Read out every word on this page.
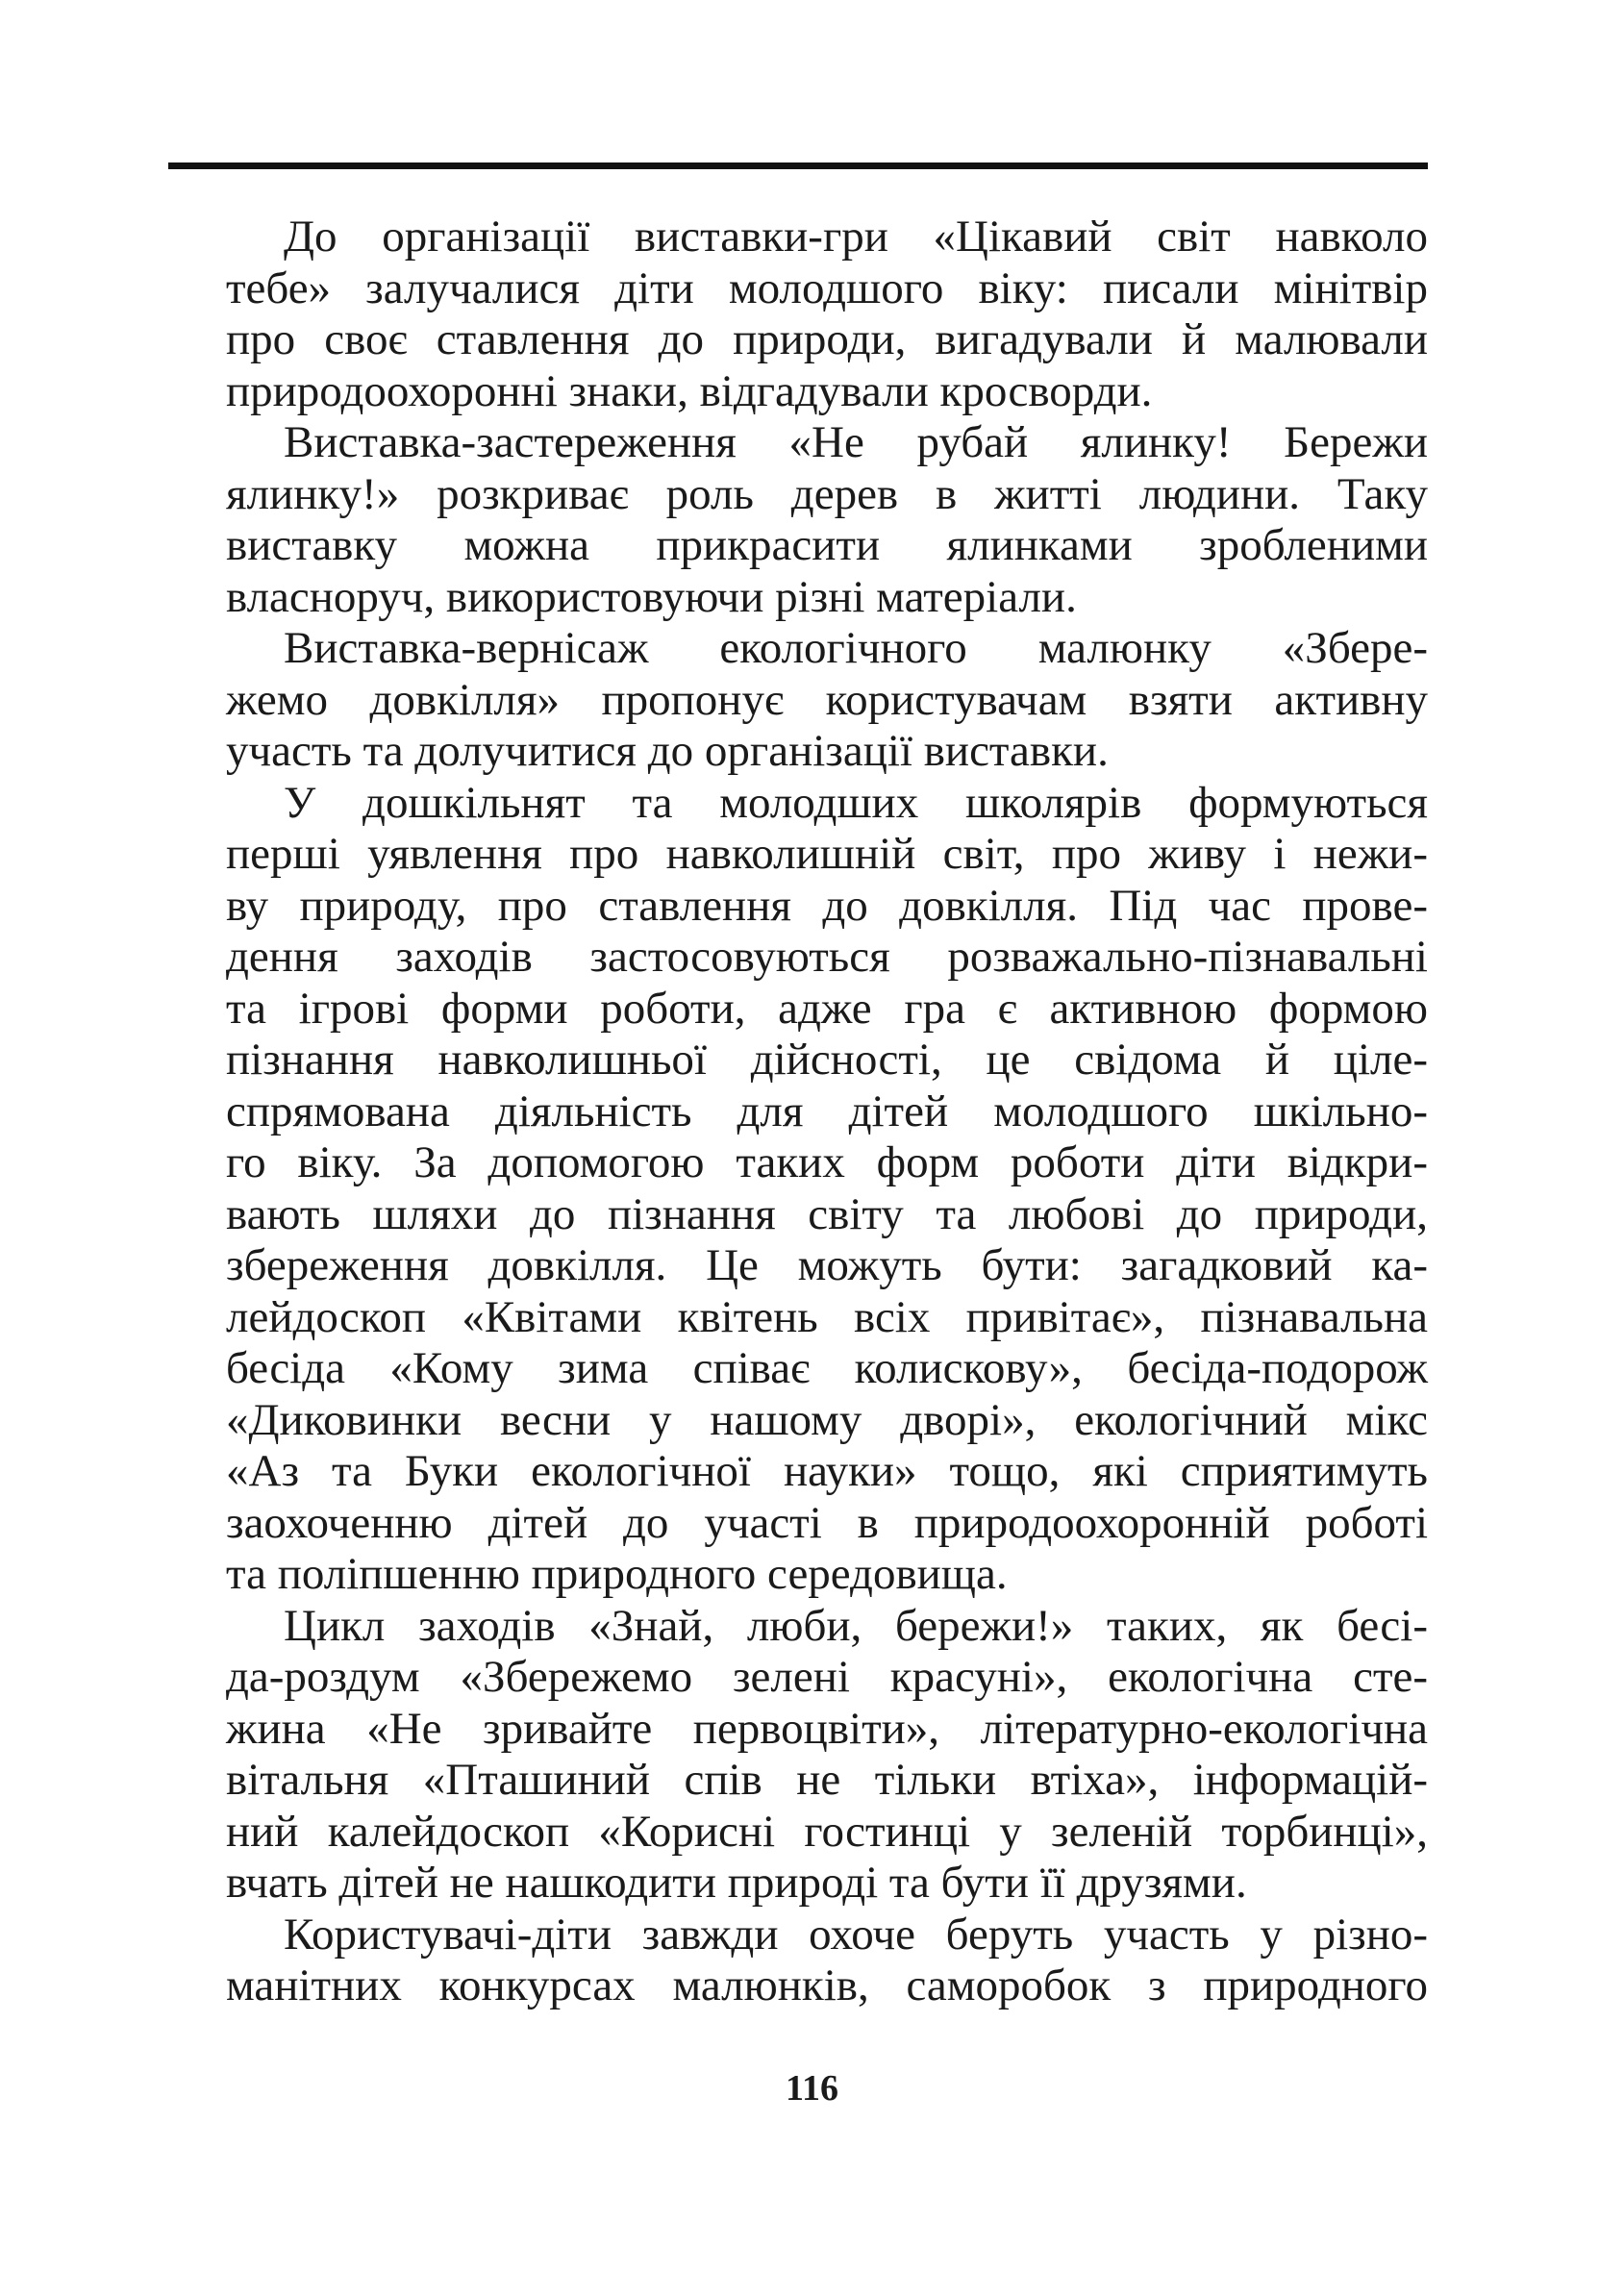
До організації виставки-гри «Цікавий світ навколо
тебе» залучалися діти молодшого віку: писали мінітвір
про своє ставлення до природи, вигадували й малювали
природоохоронні знаки, відгадували кросворди.
Виставка-застереження «Не рубай ялинку! Бережи
ялинку!» розкриває роль дерев в житті людини. Таку
виставку можна прикрасити ялинками зробленими
власноруч, використовуючи різні матеріали.
Виставка-вернісаж екологічного малюнку «Збере-
жемо довкілля» пропонує користувачам взяти активну
участь та долучитися до організації виставки.
У дошкільнят та молодших школярів формуються
перші уявлення про навколишній світ, про живу і нежи-
ву природу, про ставлення до довкілля. Під час прове-
дення заходів застосовуються розважально-пізнавальні
та ігрові форми роботи, адже гра є активною формою
пізнання навколишньої дійсності, це свідома й ціле-
спрямована діяльність для дітей молодшого шкільно-
го віку. За допомогою таких форм роботи діти відкри-
вають шляхи до пізнання світу та любові до природи,
збереження довкілля. Це можуть бути: загадковий ка-
лейдоскоп «Квітами квітень всіх привітає», пізнавальна
бесіда «Кому зима співає колискову», бесіда-подорож
«Диковинки весни у нашому дворі», екологічний мікс
«Аз та Буки екологічної науки» тощо, які сприятимуть
заохоченню дітей до участі в природоохоронній роботі
та поліпшенню природного середовища.
Цикл заходів «Знай, люби, бережи!» таких, як бесі-
да-роздум «Збережемо зелені красуні», екологічна сте-
жина «Не зривайте первоцвіти», літературно-екологічна
вітальня «Пташиний спів не тільки втіха», інформацій-
ний калейдоскоп «Корисні гостинці у зеленій торбинці»,
вчать дітей не нашкодити природі та бути її друзями.
Користувачі-діти завжди охоче беруть участь у різно-
манітних конкурсах малюнків, саморобок з природного
116
